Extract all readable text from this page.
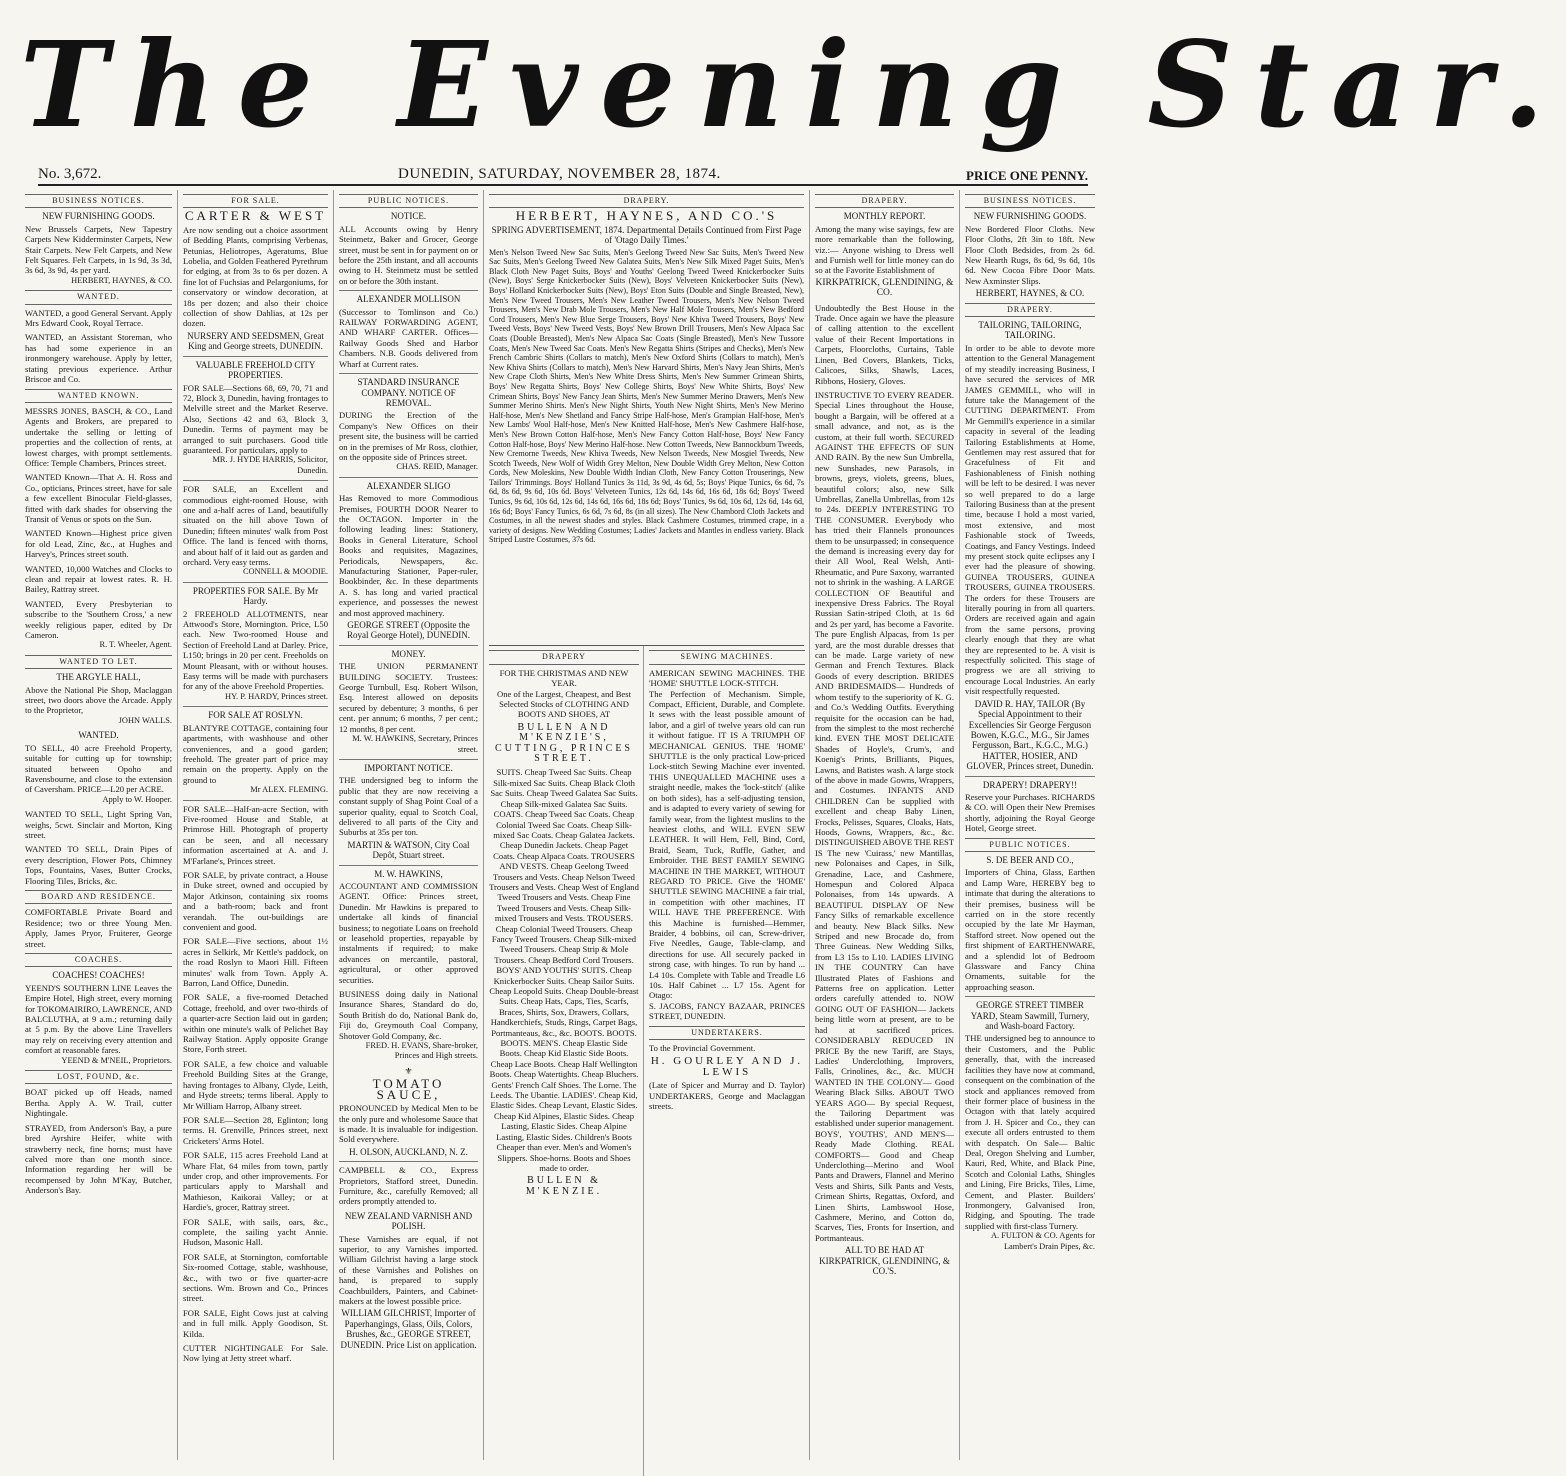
The Evening Star.
No. 3,672.	DUNEDIN, SATURDAY, NOVEMBER 28, 1874.	PRICE ONE PENNY.
BUSINESS NOTICES.
NEW FURNISHING GOODS.
New Brussels Carpets, New Tapestry Carpets New Kidderminster Carpets, New Stair Carpets. New Felt Carpets, and New Felt Squares. Felt Carpets, in 1s 9d, 3s 3d, 3s 6d, 3s 9d, 4s per yard.
HERBERT, HAYNES, & CO.
WANTED.
WANTED, a good General Servant. Apply Mrs Edward Cook, Royal Terrace.
WANTED, an Assistant Storeman, who has had some experience in an ironmongery warehouse. Apply by letter, stating previous experience. Arthur Briscoe and Co.
WANTED KNOWN.
MESSRS JONES, BASCH, & CO., Land Agents and Brokers, are prepared to undertake the selling or letting of properties and the collection of rents, at lowest charges, with prompt settlements. Office: Temple Chambers, Princes street.
WANTED Known—That A. H. Ross and Co., opticians, Princes street, have for sale a few excellent Binocular Field-glasses, fitted with dark shades for observing the Transit of Venus or spots on the Sun.
WANTED Known—Highest price given for old Lead, Zinc, &c., at Hughes and Harvey's, Princes street south.
WANTED, 10,000 Watches and Clocks to clean and repair at lowest rates. R. H. Bailey, Rattray street.
WANTED, Every Presbyterian to subscribe to the 'Southern Cross,' a new weekly religious paper, edited by Dr Cameron.
R. T. Wheeler, Agent.
WANTED TO LET.
THE ARGYLE HALL,
Above the National Pie Shop, Maclaggan street, two doors above the Arcade. Apply to the Proprietor,
JOHN WALLS.
WANTED.
TO SELL, 40 acre Freehold Property, suitable for cutting up for township; situated between Opoho and Ravensbourne, and close to the extension of Caversham. PRICE—L20 per ACRE.
Apply to W. Hooper.
WANTED TO SELL, Light Spring Van, weighs, 5cwt. Sinclair and Morton, King street.
WANTED TO SELL, Drain Pipes of every description, Flower Pots, Chimney Tops, Fountains, Vases, Butter Crocks, Flooring Tiles, Bricks, &c.
BOARD AND RESIDENCE.
COMFORTABLE Private Board and Residence; two or three Young Men. Apply, James Pryor, Fruiterer, George street.
COACHES.
COACHES! COACHES!
YEEND'S SOUTHERN LINE Leaves the Empire Hotel, High street, every morning for TOKOMAIRIRO, LAWRENCE, AND BALCLUTHA, at 9 a.m.; returning daily at 5 p.m. By the above Line Travellers may rely on receiving every attention and comfort at reasonable fares.
YEEND & M'NEIL, Proprietors.
LOST, FOUND, &c.
BOAT picked up off Heads, named Bertha. Apply A. W. Trail, cutter Nightingale.
STRAYED, from Anderson's Bay, a pure bred Ayrshire Heifer, white with strawberry neck, fine horns; must have calved more than one month since. Information regarding her will be recompensed by John M'Kay, Butcher, Anderson's Bay.
FOR SALE.
CARTER & WEST
Are now sending out a choice assortment of Bedding Plants, comprising Verbenas, Petunias, Heliotropes, Ageratums, Blue Lobelia, and Golden Feathered Pyrethrum for edging, at from 3s to 6s per dozen. A fine lot of Fuchsias and Pelargoniums, for conservatory or window decoration, at 18s per dozen; and also their choice collection of show Dahlias, at 12s per dozen.
NURSERY AND SEEDSMEN, Great King and George streets, DUNEDIN.
VALUABLE FREEHOLD CITY PROPERTIES.
FOR SALE—Sections 68, 69, 70, 71 and 72, Block 3, Dunedin, having frontages to Melville street and the Market Reserve. Also, Sections 42 and 63, Block 3, Dunedin. Terms of payment may be arranged to suit purchasers. Good title guaranteed. For particulars, apply to
MR. J. HYDE HARRIS, Solicitor, Dunedin.
FOR SALE, an Excellent and commodious eight-roomed House, with one and a-half acres of Land, beautifully situated on the hill above Town of Dunedin; fifteen minutes' walk from Post Office. The land is fenced with thorns, and about half of it laid out as garden and orchard. Very easy terms.
CONNELL & MOODIE.
PROPERTIES FOR SALE. By Mr Hardy.
2 FREEHOLD ALLOTMENTS, near Attwood's Store, Mornington. Price, L50 each. New Two-roomed House and Section of Freehold Land at Darley. Price, L150; brings in 20 per cent. Freeholds on Mount Pleasant, with or without houses. Easy terms will be made with purchasers for any of the above Freehold Properties.
HY. P. HARDY, Princes street.
FOR SALE AT ROSLYN.
BLANTYRE COTTAGE, containing four apartments, with washhouse and other conveniences, and a good garden; freehold. The greater part of price may remain on the property. Apply on the ground to
Mr ALEX. FLEMING.
FOR SALE—Half-an-acre Section, with Five-roomed House and Stable, at Primrose Hill. Photograph of property can be seen, and all necessary information ascertained at A. and J. M'Farlane's, Princes street.
FOR SALE, by private contract, a House in Duke street, owned and occupied by Major Atkinson, containing six rooms and a bath-room; back and front verandah. The out-buildings are convenient and good.
FOR SALE—Five sections, about 1½ acres in Selkirk, Mr Kettle's paddock, on the road Roslyn to Maori Hill. Fifteen minutes' walk from Town. Apply A. Barron, Land Office, Dunedin.
FOR SALE, a five-roomed Detached Cottage, freehold, and over two-thirds of a quarter-acre Section laid out in garden; within one minute's walk of Pelichet Bay Railway Station. Apply opposite Grange Store, Forth street.
FOR SALE, a few choice and valuable Freehold Building Sites at the Grange, having frontages to Albany, Clyde, Leith, and Hyde streets; terms liberal. Apply to Mr William Harrop, Albany street.
FOR SALE—Section 28, Eglinton; long terms. H. Grenville, Princes street, next Cricketers' Arms Hotel.
FOR SALE, 115 acres Freehold Land at Whare Flat, 64 miles from town, partly under crop, and other improvements. For particulars apply to Marshall and Mathieson, Kaikorai Valley; or at Hardie's, grocer, Rattray street.
FOR SALE, with sails, oars, &c., complete, the sailing yacht Annie. Hudson, Masonic Hall.
FOR SALE, at Stornington, comfortable Six-roomed Cottage, stable, washhouse, &c., with two or five quarter-acre sections. Wm. Brown and Co., Princes street.
FOR SALE, Eight Cows just at calving and in full milk. Apply Goodison, St. Kilda.
CUTTER NIGHTINGALE For Sale. Now lying at Jetty street wharf.
PUBLIC NOTICES.
NOTICE.
ALL Accounts owing by Henry Steinmetz, Baker and Grocer, George street, must be sent in for payment on or before the 25th instant, and all accounts owing to H. Steinmetz must be settled on or before the 30th instant.
ALEXANDER MOLLISON
(Successor to Tomlinson and Co.) RAILWAY FORWARDING AGENT, AND WHARF CARTER. Offices—Railway Goods Shed and Harbor Chambers. N.B. Goods delivered from Wharf at Current rates.
STANDARD INSURANCE COMPANY. NOTICE OF REMOVAL.
DURING the Erection of the Company's New Offices on their present site, the business will be carried on in the premises of Mr Ross, clothier, on the opposite side of Princes street.
CHAS. REID, Manager.
ALEXANDER SLIGO
Has Removed to more Commodious Premises, FOURTH DOOR Nearer to the OCTAGON. Importer in the following leading lines: Stationery, Books in General Literature, School Books and requisites, Magazines, Periodicals, Newspapers, &c. Manufacturing Stationer, Paper-ruler, Bookbinder, &c. In these departments A. S. has long and varied practical experience, and possesses the newest and most approved machinery.
GEORGE STREET (Opposite the Royal George Hotel), DUNEDIN.
MONEY.
THE UNION PERMANENT BUILDING SOCIETY. Trustees: George Turnbull, Esq. Robert Wilson, Esq. Interest allowed on deposits secured by debenture; 3 months, 6 per cent. per annum; 6 months, 7 per cent.; 12 months, 8 per cent.
M. W. HAWKINS, Secretary, Princes street.
IMPORTANT NOTICE.
THE undersigned beg to inform the public that they are now receiving a constant supply of Shag Point Coal of a superior quality, equal to Scotch Coal, delivered to all parts of the City and Suburbs at 35s per ton.
MARTIN & WATSON, City Coal Depôt, Stuart street.
M. W. HAWKINS,
ACCOUNTANT AND COMMISSION AGENT. Office: Princes street, Dunedin. Mr Hawkins is prepared to undertake all kinds of financial business; to negotiate Loans on freehold or leasehold properties, repayable by instalments if required; to make advances on mercantile, pastoral, agricultural, or other approved securities.
BUSINESS doing daily in National Insurance Shares, Standard do do, South British do do, National Bank do, Fiji do, Greymouth Coal Company, Shotover Gold Company, &c.
FRED. H. EVANS, Share-broker, Princes and High streets.
⚜
TOMATO SAUCE,
PRONOUNCED by Medical Men to be the only pure and wholesome Sauce that is made. It is invaluable for indigestion. Sold everywhere.
H. OLSON, AUCKLAND, N. Z.
CAMPBELL & CO., Express Proprietors, Stafford street, Dunedin. Furniture, &c., carefully Removed; all orders promptly attended to.
NEW ZEALAND VARNISH AND POLISH.
These Varnishes are equal, if not superior, to any Varnishes imported. William Gilchrist having a large stock of these Varnishes and Polishes on hand, is prepared to supply Coachbuilders, Painters, and Cabinet-makers at the lowest possible price.
WILLIAM GILCHRIST, Importer of Paperhangings, Glass, Oils, Colors, Brushes, &c., GEORGE STREET, DUNEDIN. Price List on application.
DRAPERY.
HERBERT, HAYNES, AND CO.'S
SPRING ADVERTISEMENT, 1874. Departmental Details Continued from First Page of 'Otago Daily Times.'
Men's Nelson Tweed New Sac Suits, Men's Geelong Tweed New Sac Suits, Men's Tweed New Sac Suits, Men's Geelong Tweed New Galatea Suits, Men's New Silk Mixed Paget Suits, Men's Black Cloth New Paget Suits, Boys' and Youths' Geelong Tweed Tweed Knickerbocker Suits (New), Boys' Serge Knickerbocker Suits (New), Boys' Velveteen Knickerbocker Suits (New), Boys' Holland Knickerbocker Suits (New), Boys' Eton Suits (Double and Single Breasted, New), Men's New Tweed Trousers, Men's New Leather Tweed Trousers, Men's New Nelson Tweed Trousers, Men's New Drab Mole Trousers, Men's New Half Mole Trousers, Men's New Bedford Cord Trousers, Men's New Blue Serge Trousers, Boys' New Khiva Tweed Trousers, Boys' New Tweed Vests, Boys' New Tweed Vests, Boys' New Brown Drill Trousers, Men's New Alpaca Sac Coats (Double Breasted), Men's New Alpaca Sac Coats (Single Breasted), Men's New Tussore Coats, Men's New Tweed Sac Coats. Men's New Regatta Shirts (Stripes and Checks), Men's New French Cambric Shirts (Collars to match), Men's New Oxford Shirts (Collars to match), Men's New Khiva Shirts (Collars to match), Men's New Harvard Shirts, Men's Navy Jean Shirts, Men's New Crape Cloth Shirts, Men's New White Dress Shirts, Men's New Summer Crimean Shirts, Boys' New Regatta Shirts, Boys' New College Shirts, Boys' New White Shirts, Boys' New Crimean Shirts, Boys' New Fancy Jean Shirts, Men's New Summer Merino Drawers, Men's New Summer Merino Shirts. Men's New Night Shirts, Youth New Night Shirts, Men's New Merino Half-hose, Men's New Shetland and Fancy Stripe Half-hose, Men's Grampian Half-hose, Men's New Lambs' Wool Half-hose, Men's New Knitted Half-hose, Men's New Cashmere Half-hose, Men's New Brown Cotton Half-hose, Men's New Fancy Cotton Half-hose, Boys' New Fancy Cotton Half-hose, Boys' New Merino Half-hose. New Cotton Tweeds, New Bannockburn Tweeds, New Cremorne Tweeds, New Khiva Tweeds, New Nelson Tweeds, New Mosgiel Tweeds, New Scotch Tweeds, New Wolf of Width Grey Melton, New Double Width Grey Melton, New Cotton Cords, New Moleskins, New Double Width Indian Cloth, New Fancy Cotton Trouserings, New Tailors' Trimmings. Boys' Holland Tunics 3s 11d, 3s 9d, 4s 6d, 5s; Boys' Pique Tunics, 6s 6d, 7s 6d, 8s 6d, 9s 6d, 10s 6d. Boys' Velveteen Tunics, 12s 6d, 14s 6d, 16s 6d, 18s 6d; Boys' Tweed Tunics, 9s 6d, 10s 6d, 12s 6d, 14s 6d, 16s 6d, 18s 6d; Boys' Tunics, 9s 6d, 10s 6d, 12s 6d, 14s 6d, 16s 6d; Boys' Fancy Tunics, 6s 6d, 7s 6d, 8s (in all sizes). The New Chambord Cloth Jackets and Costumes, in all the newest shades and styles. Black Cashmere Costumes, trimmed crape, in a variety of designs. New Wedding Costumes; Ladies' Jackets and Mantles in endless variety. Black Striped Lustre Costumes, 37s 6d.
DRAPERY
FOR THE CHRISTMAS AND NEW YEAR.
One of the Largest, Cheapest, and Best Selected Stocks of CLOTHING AND BOOTS AND SHOES, AT
BULLEN AND M'KENZIE'S, CUTTING, PRINCES STREET.
SUITS. Cheap Tweed Sac Suits. Cheap Silk-mixed Sac Suits. Cheap Black Cloth Sac Suits. Cheap Tweed Galatea Sac Suits. Cheap Silk-mixed Galatea Sac Suits. COATS. Cheap Tweed Sac Coats. Cheap Colonial Tweed Sac Coats. Cheap Silk-mixed Sac Coats. Cheap Galatea Jackets. Cheap Dunedin Jackets. Cheap Paget Coats. Cheap Alpaca Coats. TROUSERS AND VESTS. Cheap Geelong Tweed Trousers and Vests. Cheap Nelson Tweed Trousers and Vests. Cheap West of England Tweed Trousers and Vests. Cheap Fine Tweed Trousers and Vests. Cheap Silk-mixed Trousers and Vests. TROUSERS. Cheap Colonial Tweed Trousers. Cheap Fancy Tweed Trousers. Cheap Silk-mixed Tweed Trousers. Cheap Strip & Mole Trousers. Cheap Bedford Cord Trousers. BOYS' AND YOUTHS' SUITS. Cheap Knickerbocker Suits. Cheap Sailor Suits. Cheap Leopold Suits. Cheap Double-breast Suits. Cheap Hats, Caps, Ties, Scarfs, Braces, Shirts, Sox, Drawers, Collars, Handkerchiefs, Studs, Rings, Carpet Bags, Portmanteaus, &c., &c. BOOTS. BOOTS. BOOTS. MEN'S. Cheap Elastic Side Boots. Cheap Kid Elastic Side Boots. Cheap Lace Boots. Cheap Half Wellington Boots. Cheap Watertights. Cheap Bluchers. Gents' French Calf Shoes. The Lorne. The Leeds. The Ubantie. LADIES'. Cheap Kid, Elastic Sides. Cheap Levant, Elastic Sides. Cheap Kid Alpines, Elastic Sides. Cheap Lasting, Elastic Sides. Cheap Alpine Lasting, Elastic Sides. Children's Boots Cheaper than ever. Men's and Women's Slippers. Shoe-horns. Boots and Shoes made to order.
BULLEN & M'KENZIE.
SEWING MACHINES.
AMERICAN SEWING MACHINES. THE 'HOME' SHUTTLE LOCK-STITCH.
The Perfection of Mechanism. Simple, Compact, Efficient, Durable, and Complete. It sews with the least possible amount of labor, and a girl of twelve years old can run it without fatigue. IT IS A TRIUMPH OF MECHANICAL GENIUS. THE 'HOME' SHUTTLE is the only practical Low-priced Lock-stitch Sewing Machine ever invented. THIS UNEQUALLED MACHINE uses a straight needle, makes the 'lock-stitch' (alike on both sides), has a self-adjusting tension, and is adapted to every variety of sewing for family wear, from the lightest muslins to the heaviest cloths, and WILL EVEN SEW LEATHER. It will Hem, Fell, Bind, Cord, Braid, Seam, Tuck, Ruffle, Gather, and Embroider. THE BEST FAMILY SEWING MACHINE IN THE MARKET, WITHOUT REGARD TO PRICE. Give the 'HOME' SHUTTLE SEWING MACHINE a fair trial, in competition with other machines, IT WILL HAVE THE PREFERENCE. With this Machine is furnished—Hemmer, Braider, 4 bobbins, oil can, Screw-driver, Five Needles, Gauge, Table-clamp, and directions for use. All securely packed in strong case, with hinges. To run by hand ... L4 10s. Complete with Table and Treadle L6 10s. Half Cabinet ... L7 15s. Agent for Otago:
S. JACOBS, FANCY BAZAAR, PRINCES STREET, DUNEDIN.
UNDERTAKERS.
To the Provincial Government.
H. GOURLEY AND J. LEWIS
(Late of Spicer and Murray and D. Taylor) UNDERTAKERS, George and Maclaggan streets.
DRAPERY.
MONTHLY REPORT.
Among the many wise sayings, few are more remarkable than the following, viz.:— Anyone wishing to Dress well and Furnish well for little money can do so at the Favorite Establishment of
KIRKPATRICK, GLENDINING, & CO.
Undoubtedly the Best House in the Trade. Once again we have the pleasure of calling attention to the excellent value of their Recent Importations in Carpets, Floorcloths, Curtains, Table Linen, Bed Covers, Blankets, Ticks, Calicoes, Silks, Shawls, Laces, Ribbons, Hosiery, Gloves.
INSTRUCTIVE TO EVERY READER. Special Lines throughout the House, bought a Bargain, will be offered at a small advance, and not, as is the custom, at their full worth. SECURED AGAINST THE EFFECTS OF SUN AND RAIN. By the new Sun Umbrella, new Sunshades, new Parasols, in browns, greys, violets, greens, blues, beautiful colors; also, new Silk Umbrellas, Zanella Umbrellas, from 12s to 24s. DEEPLY INTERESTING TO THE CONSUMER. Everybody who has tried their Flannels pronounces them to be unsurpassed; in consequence the demand is increasing every day for their All Wool, Real Welsh, Anti-Rheumatic, and Pure Saxony, warranted not to shrink in the washing. A LARGE COLLECTION OF Beautiful and inexpensive Dress Fabrics. The Royal Russian Satin-striped Cloth, at 1s 6d and 2s per yard, has become a Favorite. The pure English Alpacas, from 1s per yard, are the most durable dresses that can be made. Large variety of new German and French Textures. Black Goods of every description. BRIDES AND BRIDESMAIDS— Hundreds of whom testify to the superiority of K. G. and Co.'s Wedding Outfits. Everything requisite for the occasion can be had, from the simplest to the most recherché kind. EVEN THE MOST DELICATE Shades of Hoyle's, Crum's, and Koenig's Prints, Brilliants, Piques, Lawns, and Batistes wash. A large stock of the above in made Gowns, Wrappers, and Costumes. INFANTS AND CHILDREN Can be supplied with excellent and cheap Baby Linen, Frocks, Pelisses, Squares, Cloaks, Hats, Hoods, Gowns, Wrappers, &c., &c. DISTINGUISHED ABOVE THE REST IS The new 'Cuirass,' new Mantillas, new Polonaises and Capes, in Silk, Grenadine, Lace, and Cashmere, Homespun and Colored Alpaca Polonaises, from 14s upwards. A BEAUTIFUL DISPLAY OF New Fancy Silks of remarkable excellence and beauty. New Black Silks. New Striped and new Brocade do, from Three Guineas. New Wedding Silks, from L3 15s to L10. LADIES LIVING IN THE COUNTRY Can have Illustrated Plates of Fashions and Patterns free on application. Letter orders carefully attended to. NOW GOING OUT OF FASHION— Jackets being little worn at present, are to be had at sacrificed prices. CONSIDERABLY REDUCED IN PRICE By the new Tariff, are Stays, Ladies' Underclothing, Improvers, Falls, Crinolines, &c., &c. MUCH WANTED IN THE COLONY— Good Wearing Black Silks. ABOUT TWO YEARS AGO— By special Request, the Tailoring Department was established under superior management. BOYS', YOUTHS', AND MEN'S— Ready Made Clothing. REAL COMFORTS— Good and Cheap Underclothing—Merino and Wool Pants and Drawers, Flannel and Merino Vests and Shirts, Silk Pants and Vests, Crimean Shirts, Regattas, Oxford, and Linen Shirts, Lambswool Hose, Cashmere, Merino, and Cotton do, Scarves, Ties, Fronts for Insertion, and Portmanteaus.
ALL TO BE HAD AT KIRKPATRICK, GLENDINING, & CO.'S.
BUSINESS NOTICES.
NEW FURNISHING GOODS.
New Bordered Floor Cloths. New Floor Cloths, 2ft 3in to 18ft. New Floor Cloth Bedsides, from 2s 6d. New Hearth Rugs, 8s 6d, 9s 6d, 10s 6d. New Cocoa Fibre Door Mats. New Axminster Slips.
HERBERT, HAYNES, & CO.
DRAPERY.
TAILORING, TAILORING, TAILORING.
In order to be able to devote more attention to the General Management of my steadily increasing Business, I have secured the services of MR JAMES GEMMILL, who will in future take the Management of the CUTTING DEPARTMENT. From Mr Gemmill's experience in a similar capacity in several of the leading Tailoring Establishments at Home, Gentlemen may rest assured that for Gracefulness of Fit and Fashionableness of Finish nothing will be left to be desired. I was never so well prepared to do a large Tailoring Business than at the present time, because I hold a most varied, most extensive, and most Fashionable stock of Tweeds, Coatings, and Fancy Vestings. Indeed my present stock quite eclipses any I ever had the pleasure of showing. GUINEA TROUSERS, GUINEA TROUSERS, GUINEA TROUSERS. The orders for these Trousers are literally pouring in from all quarters. Orders are received again and again from the same persons, proving clearly enough that they are what they are represented to be. A visit is respectfully solicited. This stage of progress we are all striving to encourage Local Industries. An early visit respectfully requested.
DAVID R. HAY, TAILOR (By Special Appointment to their Excellencies Sir George Ferguson Bowen, K.G.C., M.G., Sir James Fergusson, Bart., K.G.C., M.G.) HATTER, HOSIER, AND GLOVER, Princes street, Dunedin.
DRAPERY! DRAPERY!!
Reserve your Purchases. RICHARDS & CO. will Open their New Premises shortly, adjoining the Royal George Hotel, George street.
PUBLIC NOTICES.
S. DE BEER AND CO.,
Importers of China, Glass, Earthen and Lamp Ware, HEREBY beg to intimate that during the alterations to their premises, business will be carried on in the store recently occupied by the late Mr Hayman, Stafford street. Now opened out the first shipment of EARTHENWARE, and a splendid lot of Bedroom Glassware and Fancy China Ornaments, suitable for the approaching season.
GEORGE STREET TIMBER YARD, Steam Sawmill, Turnery, and Wash-board Factory.
THE undersigned beg to announce to their Customers, and the Public generally, that, with the increased facilities they have now at command, consequent on the combination of the stock and appliances removed from their former place of business in the Octagon with that lately acquired from J. H. Spicer and Co., they can execute all orders entrusted to them with despatch. On Sale— Baltic Deal, Oregon Shelving and Lumber, Kauri, Red, White, and Black Pine, Scotch and Colonial Laths, Shingles and Lining, Fire Bricks, Tiles, Lime, Cement, and Plaster. Builders' Ironmongery, Galvanised Iron, Ridging, and Spouting. The trade supplied with first-class Turnery.
A. FULTON & CO. Agents for Lambert's Drain Pipes, &c.
